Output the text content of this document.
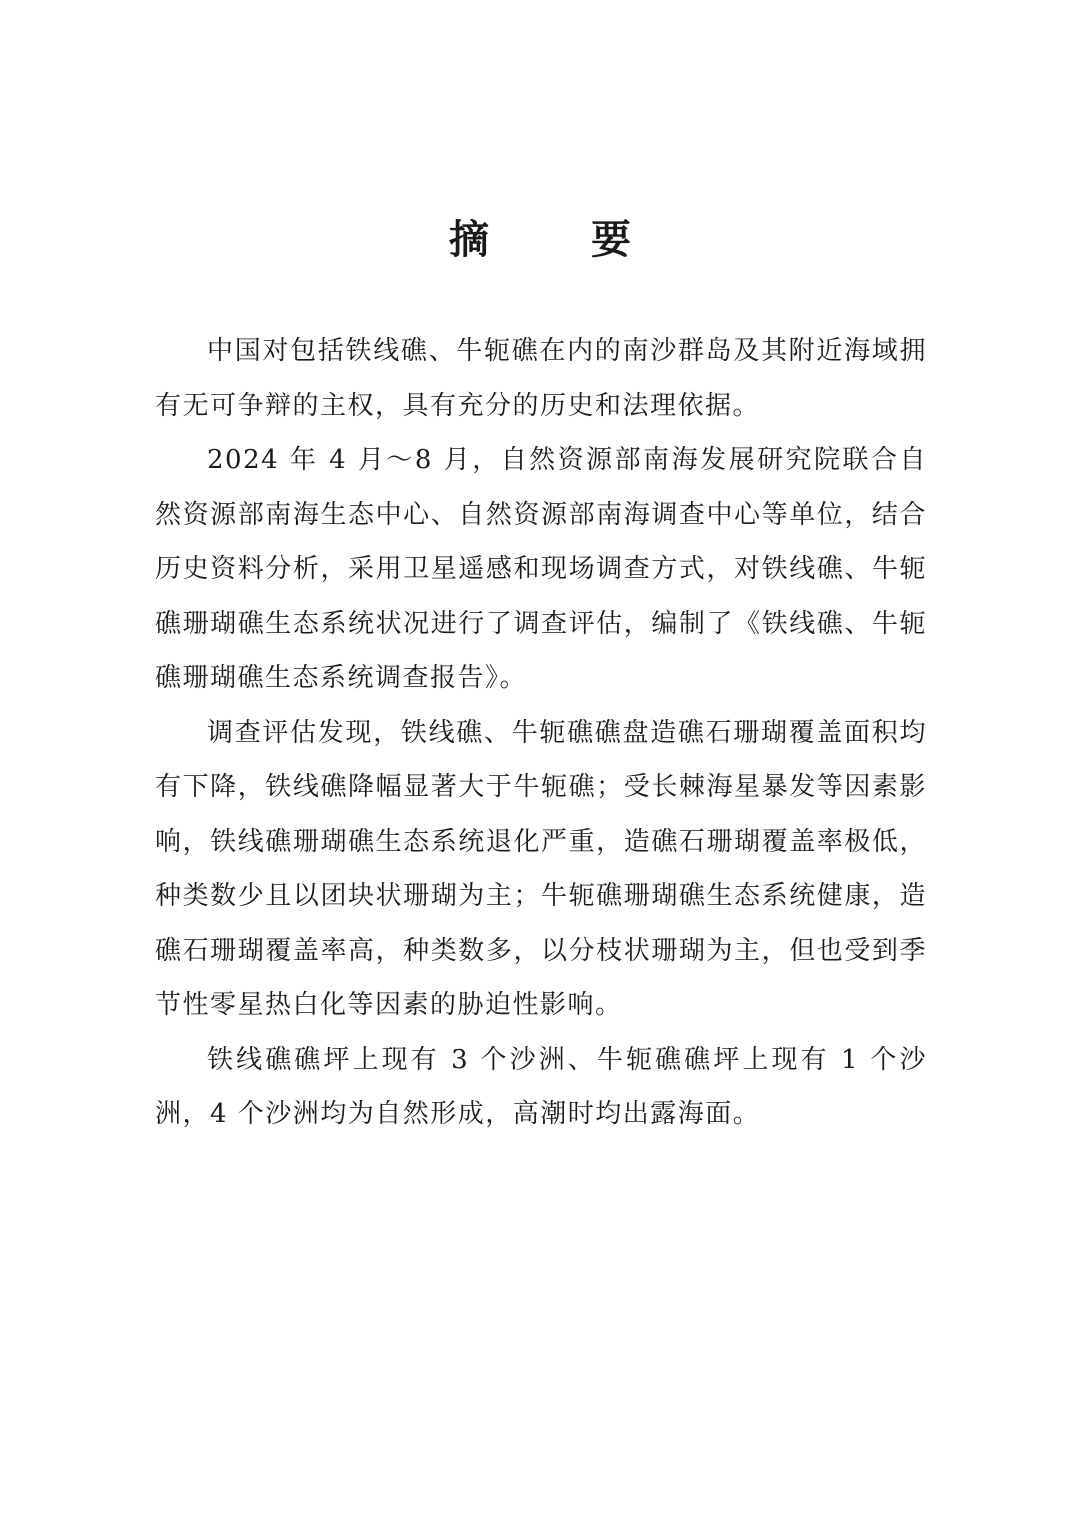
摘 要

中国对包括铁线礁、牛轭礁在内的南沙群岛及其附近海域拥有无可争辩的主权，具有充分的历史和法理依据。

2024 年 4 月～8 月，自然资源部南海发展研究院联合自然资源部南海生态中心、自然资源部南海调查中心等单位，结合历史资料分析，采用卫星遥感和现场调查方式，对铁线礁、牛轭礁珊瑚礁生态系统状况进行了调查评估，编制了《铁线礁、牛轭礁珊瑚礁生态系统调查报告》。

调查评估发现，铁线礁、牛轭礁礁盘造礁石珊瑚覆盖面积均有下降，铁线礁降幅显著大于牛轭礁；受长棘海星暴发等因素影响，铁线礁珊瑚礁生态系统退化严重，造礁石珊瑚覆盖率极低，种类数少且以团块状珊瑚为主；牛轭礁珊瑚礁生态系统健康，造礁石珊瑚覆盖率高，种类数多，以分枝状珊瑚为主，但也受到季节性零星热白化等因素的胁迫性影响。

铁线礁礁坪上现有 3 个沙洲、牛轭礁礁坪上现有 1 个沙洲，4 个沙洲均为自然形成，高潮时均出露海面。
